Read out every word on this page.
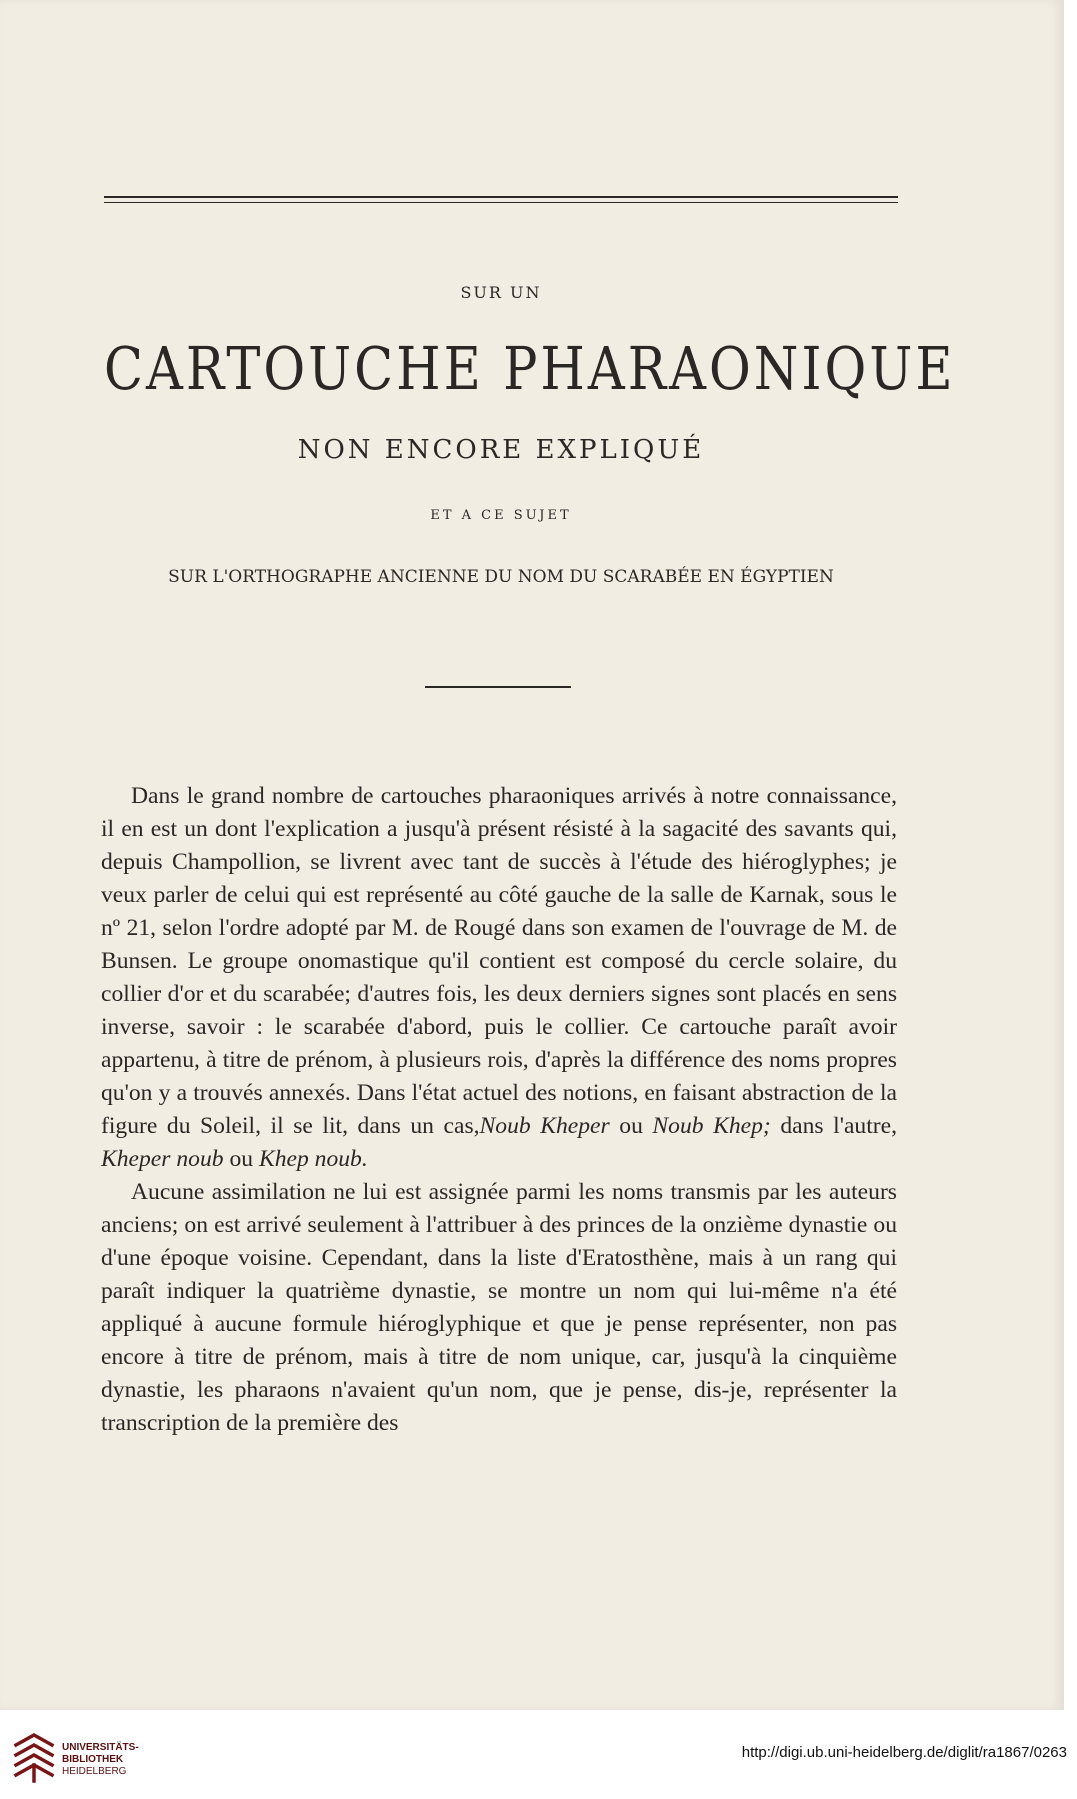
SUR UN

CARTOUCHE PHARAONIQUE

NON ENCORE EXPLIQUÉ

ET A CE SUJET

SUR L'ORTHOGRAPHE ANCIENNE DU NOM DU SCARABÉE EN ÉGYPTIEN

Dans le grand nombre de cartouches pharaoniques arrivés à notre connaissance, il en est un dont l'explication a jusqu'à présent résisté à la sagacité des savants qui, depuis Champollion, se livrent avec tant de succès à l'étude des hiéroglyphes; je veux parler de celui qui est représenté au côté gauche de la salle de Karnak, sous le nº 21, selon l'ordre adopté par M. de Rougé dans son examen de l'ouvrage de M. de Bunsen. Le groupe onomastique qu'il contient est composé du cercle solaire, du collier d'or et du scarabée; d'autres fois, les deux derniers signes sont placés en sens inverse, savoir : le scarabée d'abord, puis le collier. Ce cartouche paraît avoir appartenu, à titre de prénom, à plusieurs rois, d'après la différence des noms propres qu'on y a trouvés annexés. Dans l'état actuel des notions, en faisant abstraction de la figure du Soleil, il se lit, dans un cas,Noub Kheper ou Noub Khep; dans l'autre, Kheper noub ou Khep noub.

Aucune assimilation ne lui est assignée parmi les noms transmis par les auteurs anciens; on est arrivé seulement à l'attribuer à des princes de la onzième dynastie ou d'une époque voisine. Cependant, dans la liste d'Eratosthène, mais à un rang qui paraît indiquer la quatrième dynastie, se montre un nom qui lui-même n'a été appliqué à aucune formule hiéroglyphique et que je pense représenter, non pas encore à titre de prénom, mais à titre de nom unique, car, jusqu'à la cinquième dynastie, les pharaons n'avaient qu'un nom, que je pense, dis-je, représenter la transcription de la première des

UNIVERSITÄTS-
BIBLIOTHEK
HEIDELBERG

http://digi.ub.uni-heidelberg.de/diglit/ra1867/0263
